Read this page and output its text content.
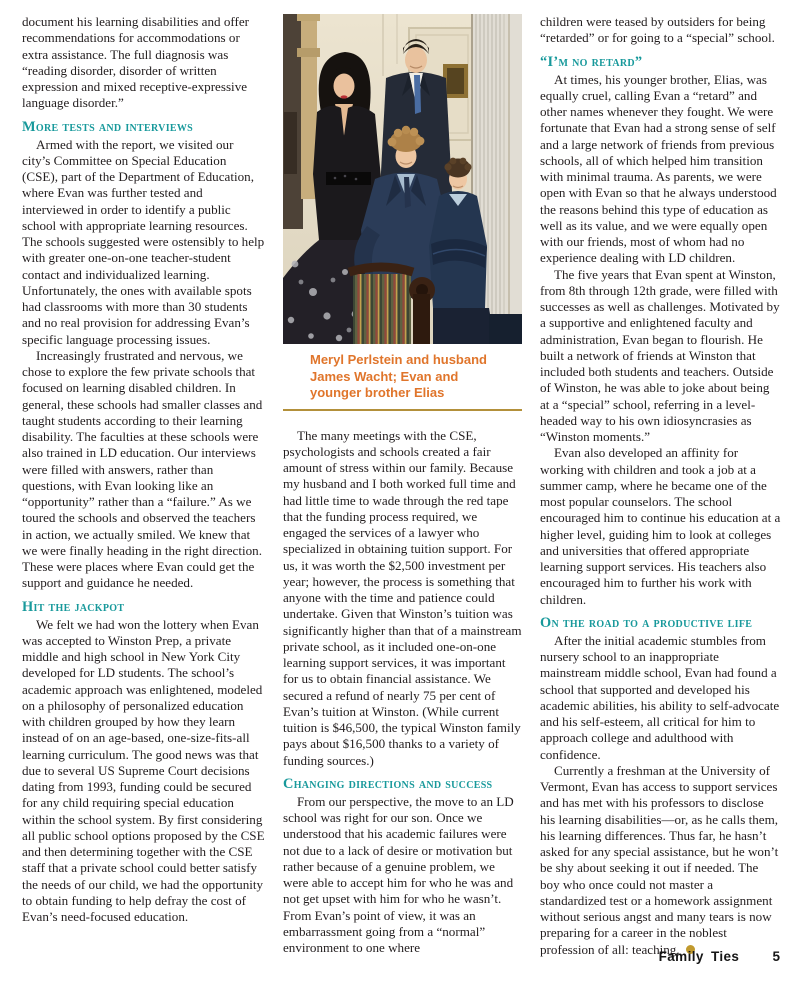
document his learning disabilities and offer recommendations for accommodations or extra assistance. The full diagnosis was “reading disorder, disorder of written expression and mixed receptive-expressive language disorder.”

More tests and interviews

Armed with the report, we visited our city’s Committee on Special Education (CSE), part of the Department of Education, where Evan was further tested and interviewed in order to identify a public school with appropriate learning resources. The schools suggested were ostensibly to help with greater one-on-one teacher-student contact and individualized learning. Unfortunately, the ones with available spots had classrooms with more than 30 students and no real provision for addressing Evan’s specific language processing issues.

Increasingly frustrated and nervous, we chose to explore the few private schools that focused on learning disabled children. In general, these schools had smaller classes and taught students according to their learning disability. The faculties at these schools were also trained in LD education. Our interviews were filled with answers, rather than questions, with Evan looking like an “opportunity” rather than a “failure.” As we toured the schools and observed the teachers in action, we actually smiled. We knew that we were finally heading in the right direction. These were places where Evan could get the support and guidance he needed.

Hit the jackpot

We felt we had won the lottery when Evan was accepted to Winston Prep, a private middle and high school in New York City developed for LD students. The school’s academic approach was enlightened, modeled on a philosophy of personalized education with children grouped by how they learn instead of on an age-based, one-size-fits-all learning curriculum. The good news was that due to several US Supreme Court decisions dating from 1993, funding could be secured for any child requiring special education within the school system. By first considering all public school options proposed by the CSE and then determining together with the CSE staff that a private school could better satisfy the needs of our child, we had the opportunity to obtain funding to help defray the cost of Evan’s need-focused education.

Meryl Perlstein and husband James Wacht; Evan and younger brother Elias

The many meetings with the CSE, psychologists and schools created a fair amount of stress within our family. Because my husband and I both worked full time and had little time to wade through the red tape that the funding process required, we engaged the services of a lawyer who specialized in obtaining tuition support. For us, it was worth the $2,500 investment per year; however, the process is something that anyone with the time and patience could undertake. Given that Winston’s tuition was significantly higher than that of a mainstream private school, as it included one-on-one learning support services, it was important for us to obtain financial assistance. We secured a refund of nearly 75 per cent of Evan’s tuition at Winston. (While current tuition is $46,500, the typical Winston family pays about $16,500 thanks to a variety of funding sources.)

Changing directions and success

From our perspective, the move to an LD school was right for our son. Once we understood that his academic failures were not due to a lack of desire or motivation but rather because of a genuine problem, we were able to accept him for who he was and not get upset with him for who he wasn’t. From Evan’s point of view, it was an embarrassment going from a “normal” environment to one where

children were teased by outsiders for being “retarded” or for going to a “special” school.

“I’m no retard”

At times, his younger brother, Elias, was equally cruel, calling Evan a “retard” and other names whenever they fought. We were fortunate that Evan had a strong sense of self and a large network of friends from previous schools, all of which helped him transition with minimal trauma. As parents, we were open with Evan so that he always understood the reasons behind this type of education as well as its value, and we were equally open with our friends, most of whom had no experience dealing with LD children.

The five years that Evan spent at Winston, from 8th through 12th grade, were filled with successes as well as challenges. Motivated by a supportive and enlightened faculty and administration, Evan began to flourish. He built a network of friends at Winston that included both students and teachers. Outside of Winston, he was able to joke about being at a “special” school, referring in a level-headed way to his own idiosyncrasies as “Winston moments.”

Evan also developed an affinity for working with children and took a job at a summer camp, where he became one of the most popular counselors. The school encouraged him to continue his education at a higher level, guiding him to look at colleges and universities that offered appropriate learning support services. His teachers also encouraged him to further his work with children.

On the road to a productive life

After the initial academic stumbles from nursery school to an inappropriate mainstream middle school, Evan had found a school that supported and developed his academic abilities, his ability to self-advocate and his self-esteem, all critical for him to approach college and adulthood with confidence.

Currently a freshman at the University of Vermont, Evan has access to support services and has met with his professors to disclose his learning disabilities—or, as he calls them, his learning differences. Thus far, he hasn’t asked for any special assistance, but he won’t be shy about seeking it out if needed. The boy who once could not master a standardized test or a homework assignment without serious angst and many tears is now preparing for a career in the noblest profession of all: teaching.

Family Ties 5
